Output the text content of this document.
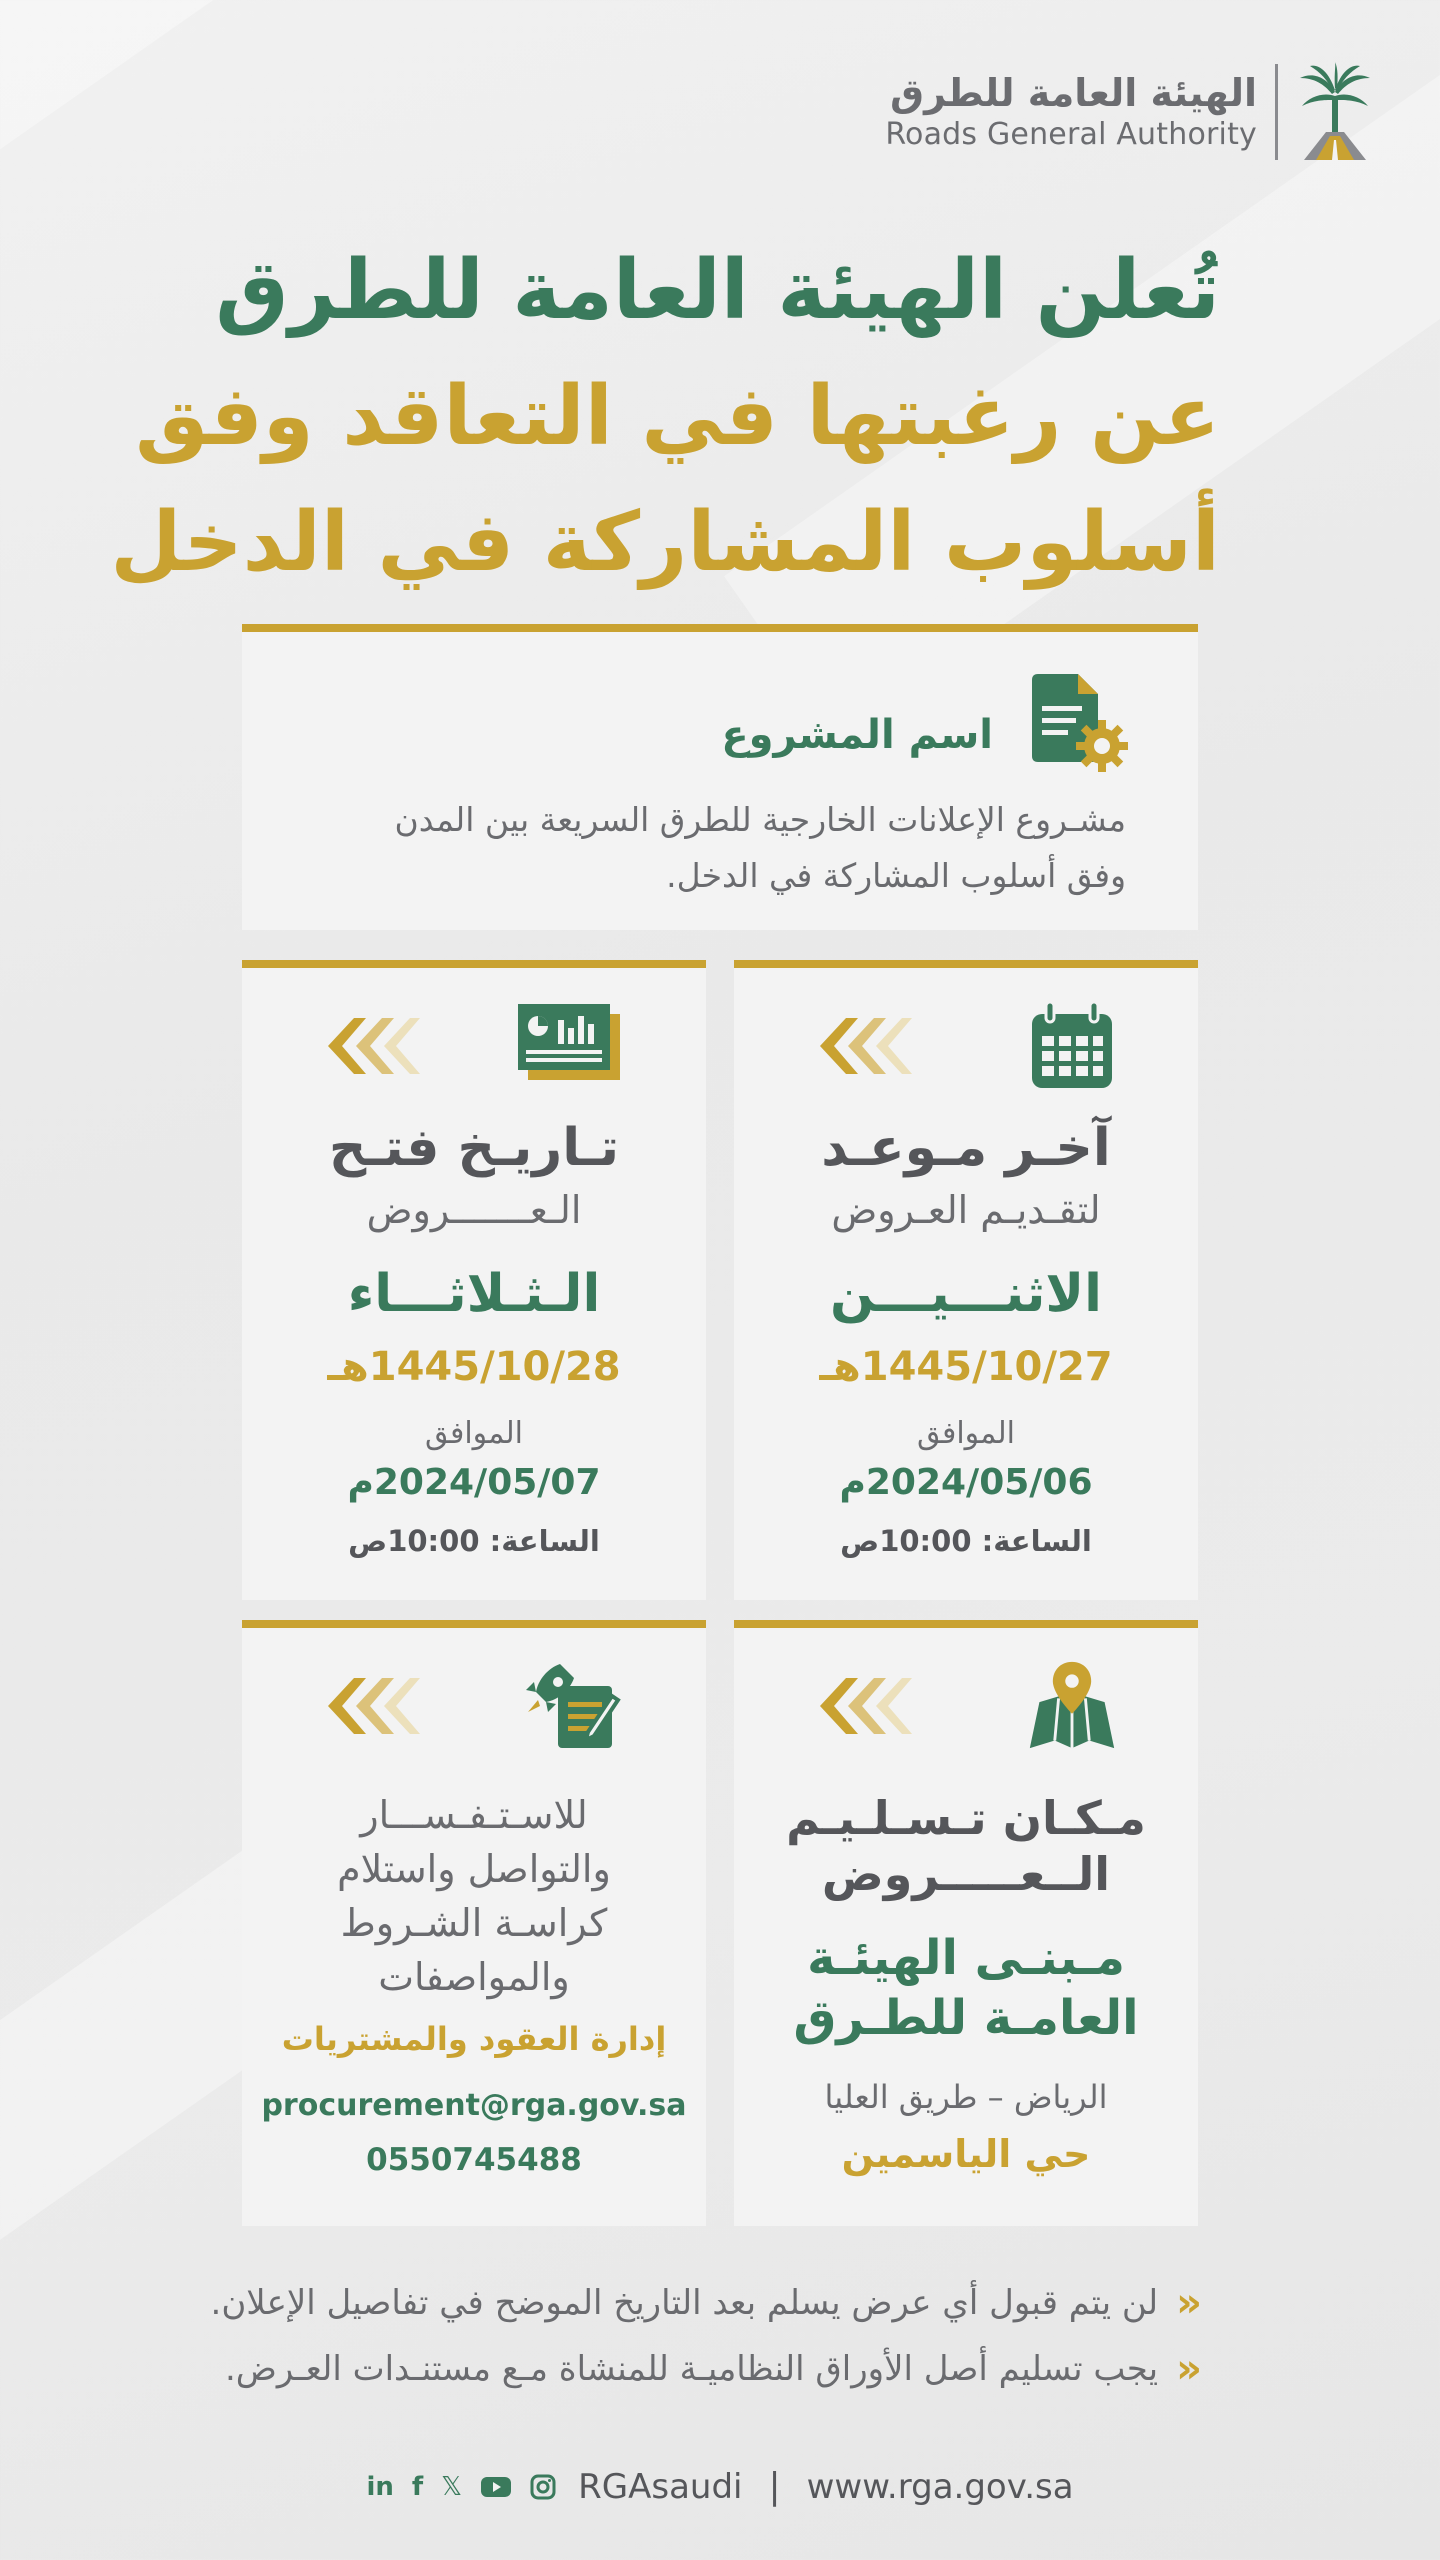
الهيئة العامة للطرق
Roads General Authority
تُعلن الهيئة العامة للطرق
عن رغبتها في التعاقد وفق
أسلوب المشاركة في الدخل
اسم المشروع
مشـروع الإعلانات الخارجية للطرق السريعة بين المدن
وفق أسلوب المشاركة في الدخل.
آخـر مـوعـد
لتقـديـم العـروض
الاثنـــيـــن
1445/10/27هـ
الموافق
2024/05/06م
الساعة: 10:00ص
تـاريـخ فتـح
الـعـــــــروض
الـثـلاثـــاء
1445/10/28هـ
الموافق
2024/05/07م
الساعة: 10:00ص
مـكـان تـسـلـيـم
الــعـــــروض
مـبنـى الهيئـة
العامـة للطـرق
الرياض – طريق العليا
حي الياسمين
للاسـتـفـســـار
والتواصل واستلام
كراسـة الشـروط
والمواصفات
إدارة العقود والمشتريات
procurement@rga.gov.sa
0550745488
«
لن يتم قبول أي عرض يسلم بعد التاريخ الموضح في تفاصيل الإعلان.
«
يجب تسليم أصل الأوراق النظاميـة للمنشاة مـع مستنـدات العـرض.
in f 𝕏	RGAsaudi | www.rga.gov.sa
